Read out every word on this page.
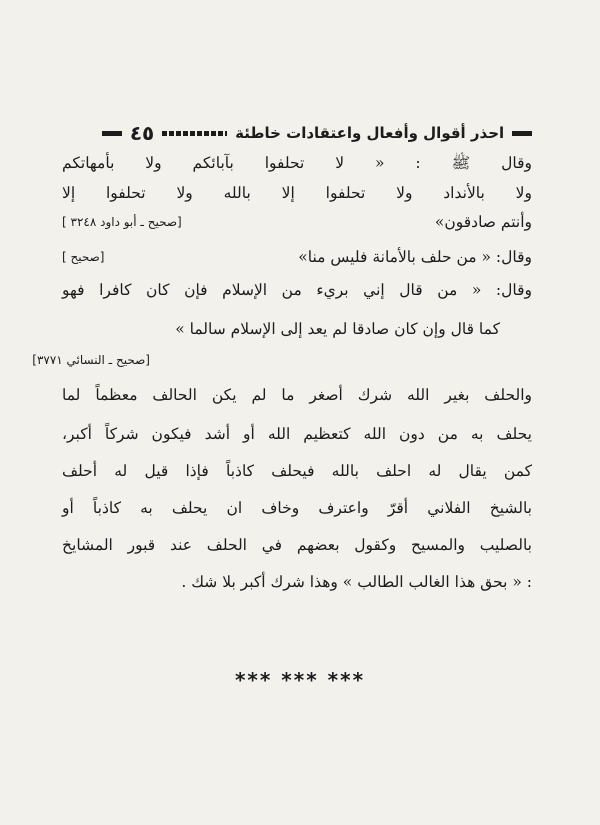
احذر أقوال وأفعال واعتقادات خاطئة
٤٥
وقال ﷺ : « لا تحلفوا بآبائكم ولا بأمهاتكم
ولا بالأنداد ولا تحلفوا إلا بالله ولا تحلفوا إلا
وأنتم صادقون»
[صحيح ـ أبو داود ٣٢٤٨ ]
وقال: « من حلف بالأمانة فليس منا»
[صحيح ]
وقال: « من قال إني بريء من الإسلام فإن كان كافرا فهو
كما قال وإن كان صادقا لم يعد إلى الإسلام سالما »
[صحيح ـ النسائي ٣٧٧١]
والحلف بغير الله شرك أصغر ما لم يكن الحالف معظماً لما
يحلف به من دون الله كتعظيم الله أو أشد فيكون شركاً أكبر،
كمن يقال له احلف بالله فيحلف كاذباً فإذا قيل له أحلف
بالشيخ الفلاني أقرّ واعترف وخاف ان يحلف به كاذباً أو
بالصليب والمسيح وكقول بعضهم في الحلف عند قبور المشايخ
: « بحق هذا الغالب الطالب » وهذا شرك أكبر بلا شك .
*** *** ***
